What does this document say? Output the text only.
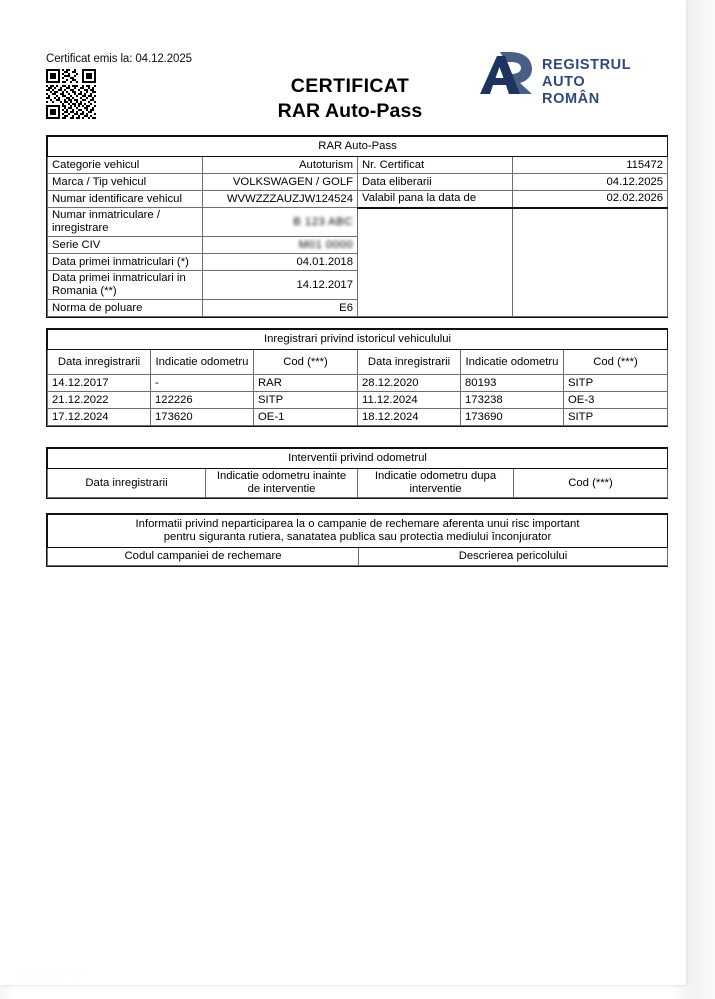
Certificat emis la: 04.12.2025
CERTIFICAT
RAR Auto-Pass
REGISTRUL
AUTO ROMÂN
RAR Auto-Pass			
Categorie vehicul	Autoturism	Nr. Certificat	115472
Marca / Tip vehicul	VOLKSWAGEN / GOLF	Data eliberarii	04.12.2025
Numar identificare vehicul	WVWZZZAUZJW124524	Valabil pana la data de	02.02.2026
Numar inmatriculare / inregistrare	B 123 ABC		
Serie CIV	M01 0000		
Data primei inmatriculari (*)	04.01.2018		
Data primei inmatriculari in Romania (**)	14.12.2017		
Norma de poluare	E6		
Inregistrari privind istoricul vehiculului					
Data inregistrarii	Indicatie odometru	Cod (***)	Data inregistrarii	Indicatie odometru	Cod (***)
14.12.2017	-	RAR	28.12.2020	80193	SITP
21.12.2022	122226	SITP	11.12.2024	173238	OE-3
17.12.2024	173620	OE-1	18.12.2024	173690	SITP
Interventii privind odometrul
Data inregistrarii	Indicatie odometru inainte de interventie	Indicatie odometru dupa interventie	Cod (***)
Informatii privind neparticiparea la o campanie de rechemare aferenta unui risc important
pentru siguranta rutiera, sanatatea publica sau protectia mediului înconjurator
Codul campaniei de rechemare	Descrierea pericolului
Autovit.ro
